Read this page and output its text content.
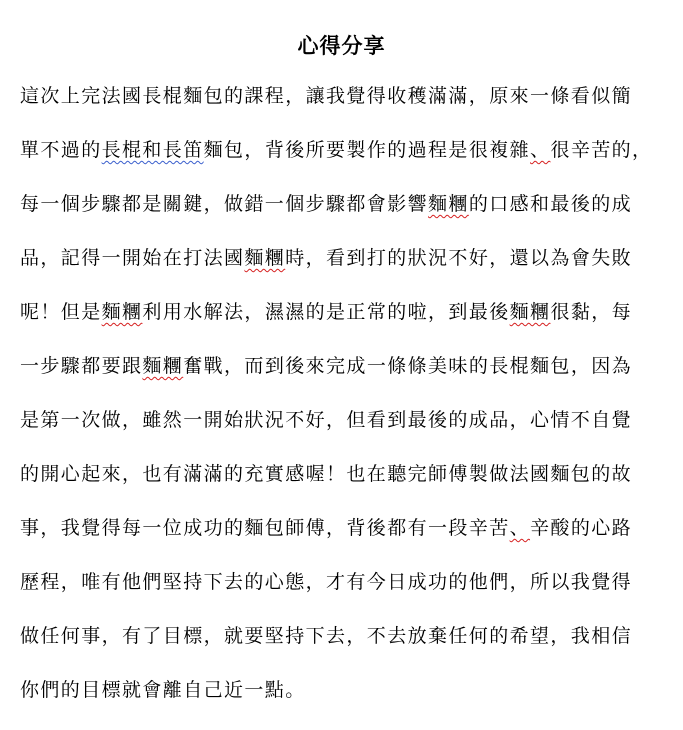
心得分享
這次上完法國長棍麵包的課程，讓我覺得收穫滿滿，原來一條看似簡
單不過的長棍和長笛麵包，背後所要製作的過程是很複雜、很辛苦的，
每一個步驟都是關鍵，做錯一個步驟都會影響麵糰的口感和最後的成
品，記得一開始在打法國麵糰時，看到打的狀況不好，還以為會失敗
呢！但是麵糰利用水解法，濕濕的是正常的啦，到最後麵糰很黏，每
一步驟都要跟麵糰奮戰，而到後來完成一條條美味的長棍麵包，因為
是第一次做，雖然一開始狀況不好，但看到最後的成品，心情不自覺
的開心起來，也有滿滿的充實感喔！也在聽完師傅製做法國麵包的故
事，我覺得每一位成功的麵包師傅，背後都有一段辛苦、辛酸的心路
歷程，唯有他們堅持下去的心態，才有今日成功的他們，所以我覺得
做任何事，有了目標，就要堅持下去，不去放棄任何的希望，我相信
你們的目標就會離自己近一點。
